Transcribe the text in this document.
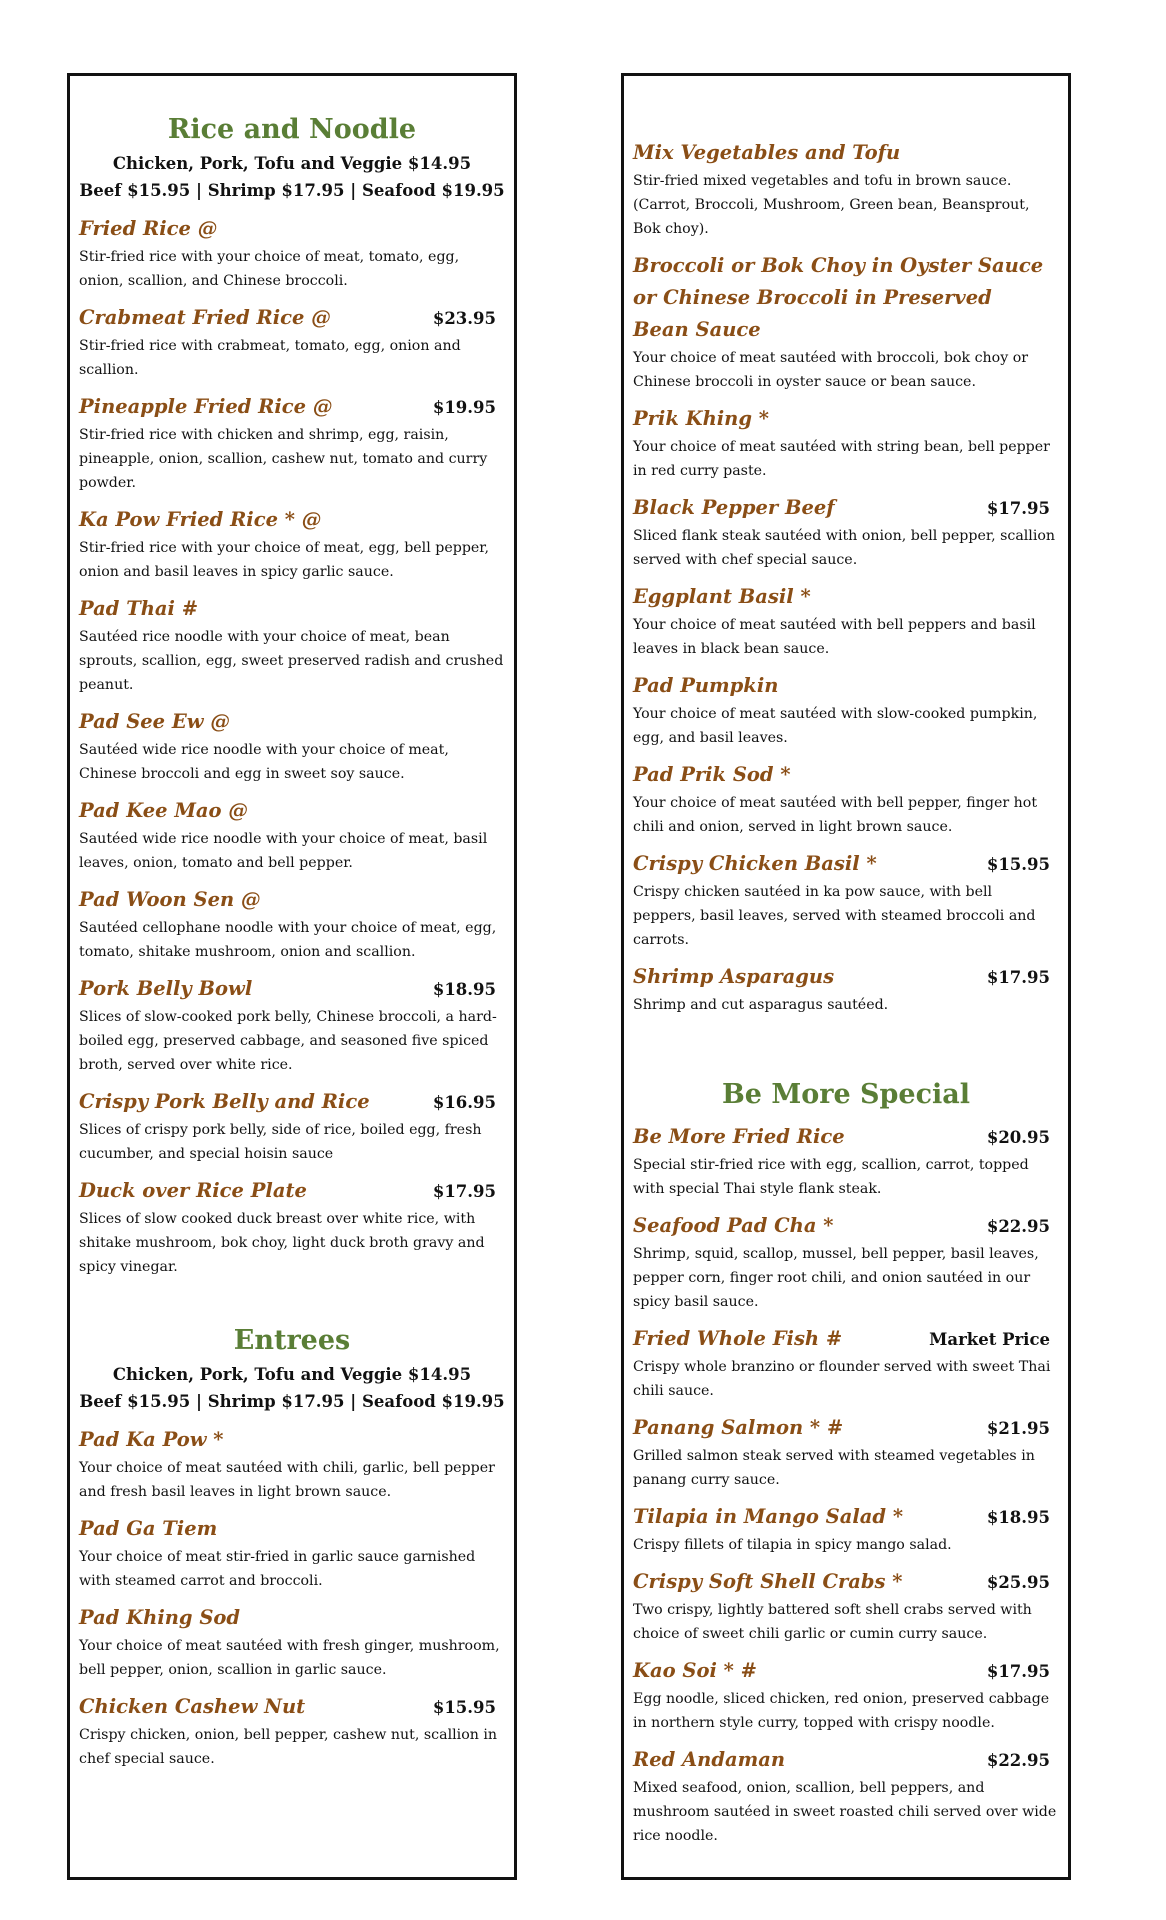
Rice and Noodle
Chicken, Pork, Tofu and Veggie $14.95
Beef $15.95 | Shrimp $17.95 | Seafood $19.95
Fried Rice @
Stir-fried rice with your choice of meat, tomato, egg, onion, scallion, and Chinese broccoli.
Crabmeat Fried Rice @	$23.95
Stir-fried rice with crabmeat, tomato, egg, onion and scallion.
Pineapple Fried Rice @	$19.95
Stir-fried rice with chicken and shrimp, egg, raisin, pineapple, onion, scallion, cashew nut, tomato and curry powder.
Ka Pow Fried Rice * @
Stir-fried rice with your choice of meat, egg, bell pepper, onion and basil leaves in spicy garlic sauce.
Pad Thai #
Sautéed rice noodle with your choice of meat, bean sprouts, scallion, egg, sweet preserved radish and crushed peanut.
Pad See Ew @
Sautéed wide rice noodle with your choice of meat, Chinese broccoli and egg in sweet soy sauce.
Pad Kee Mao @
Sautéed wide rice noodle with your choice of meat, basil leaves, onion, tomato and bell pepper.
Pad Woon Sen @
Sautéed cellophane noodle with your choice of meat, egg, tomato, shitake mushroom, onion and scallion.
Pork Belly Bowl	$18.95
Slices of slow-cooked pork belly, Chinese broccoli, a hard-boiled egg, preserved cabbage, and seasoned five spiced broth, served over white rice.
Crispy Pork Belly and Rice	$16.95
Slices of crispy pork belly, side of rice, boiled egg, fresh cucumber, and special hoisin sauce
Duck over Rice Plate	$17.95
Slices of slow cooked duck breast over white rice, with shitake mushroom, bok choy, light duck broth gravy and spicy vinegar.
Entrees
Chicken, Pork, Tofu and Veggie $14.95
Beef $15.95 | Shrimp $17.95 | Seafood $19.95
Pad Ka Pow *
Your choice of meat sautéed with chili, garlic, bell pepper and fresh basil leaves in light brown sauce.
Pad Ga Tiem
Your choice of meat stir-fried in garlic sauce garnished with steamed carrot and broccoli.
Pad Khing Sod
Your choice of meat sautéed with fresh ginger, mushroom, bell pepper, onion, scallion in garlic sauce.
Chicken Cashew Nut	$15.95
Crispy chicken, onion, bell pepper, cashew nut, scallion in chef special sauce.
Mix Vegetables and Tofu
Stir-fried mixed vegetables and tofu in brown sauce. (Carrot, Broccoli, Mushroom, Green bean, Beansprout, Bok choy).
Broccoli or Bok Choy in Oyster Sauce or Chinese Broccoli in Preserved Bean Sauce
Your choice of meat sautéed with broccoli, bok choy or Chinese broccoli in oyster sauce or bean sauce.
Prik Khing *
Your choice of meat sautéed with string bean, bell pepper in red curry paste.
Black Pepper Beef	$17.95
Sliced flank steak sautéed with onion, bell pepper, scallion served with chef special sauce.
Eggplant Basil *
Your choice of meat sautéed with bell peppers and basil leaves in black bean sauce.
Pad Pumpkin
Your choice of meat sautéed with slow-cooked pumpkin, egg, and basil leaves.
Pad Prik Sod *
Your choice of meat sautéed with bell pepper, finger hot chili and onion, served in light brown sauce.
Crispy Chicken Basil *	$15.95
Crispy chicken sautéed in ka pow sauce, with bell peppers, basil leaves, served with steamed broccoli and carrots.
Shrimp Asparagus	$17.95
Shrimp and cut asparagus sautéed.
Be More Special
Be More Fried Rice	$20.95
Special stir-fried rice with egg, scallion, carrot, topped with special Thai style flank steak.
Seafood Pad Cha *	$22.95
Shrimp, squid, scallop, mussel, bell pepper, basil leaves, pepper corn, finger root chili, and onion sautéed in our spicy basil sauce.
Fried Whole Fish #	Market Price
Crispy whole branzino or flounder served with sweet Thai chili sauce.
Panang Salmon * #	$21.95
Grilled salmon steak served with steamed vegetables in panang curry sauce.
Tilapia in Mango Salad *	$18.95
Crispy fillets of tilapia in spicy mango salad.
Crispy Soft Shell Crabs *	$25.95
Two crispy, lightly battered soft shell crabs served with choice of sweet chili garlic or cumin curry sauce.
Kao Soi * #	$17.95
Egg noodle, sliced chicken, red onion, preserved cabbage in northern style curry, topped with crispy noodle.
Red Andaman	$22.95
Mixed seafood, onion, scallion, bell peppers, and mushroom sautéed in sweet roasted chili served over wide rice noodle.
